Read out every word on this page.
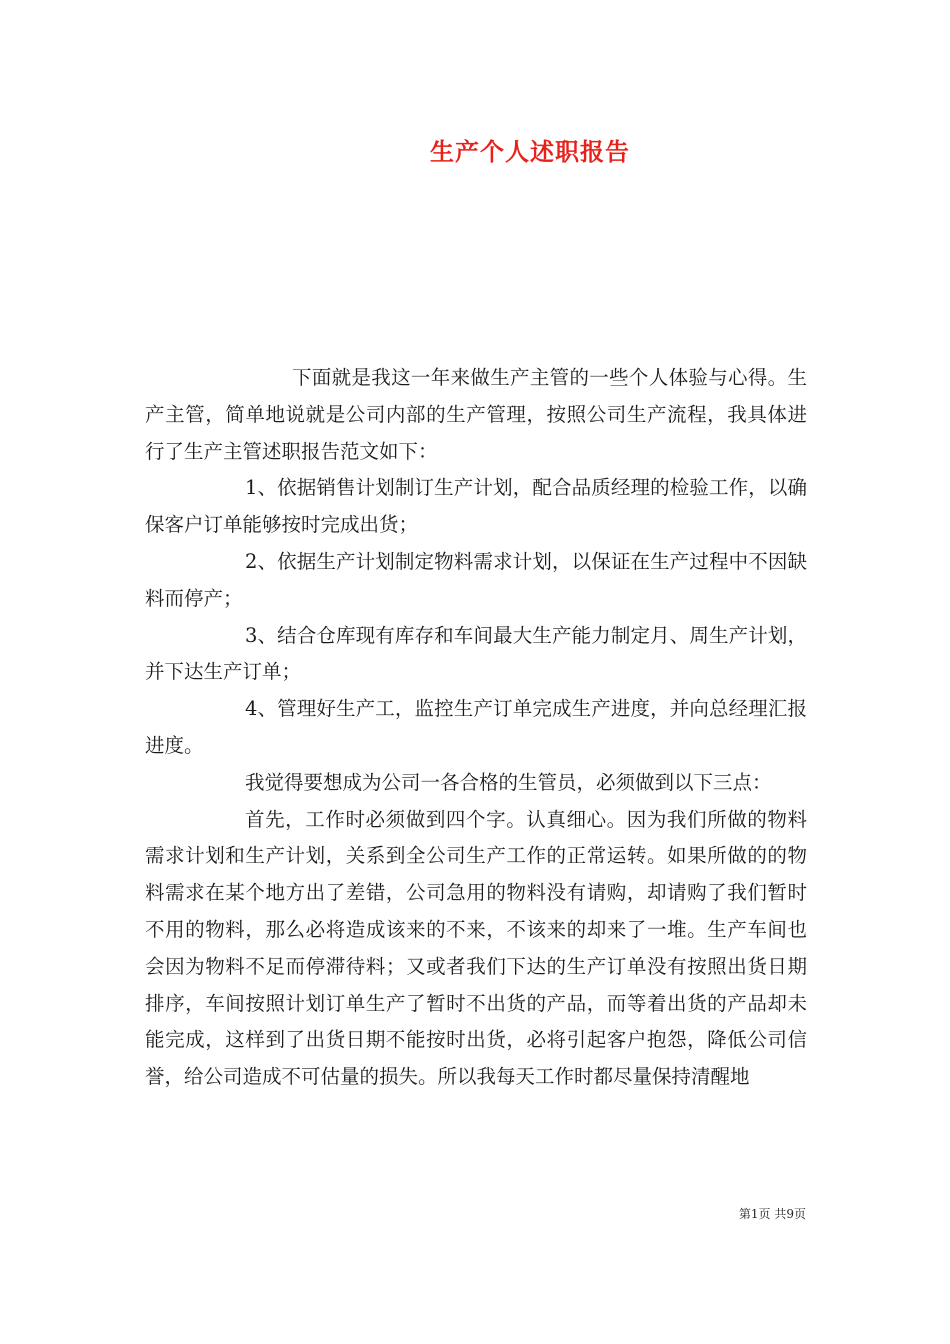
生产个人述职报告

下面就是我这一年来做生产主管的一些个人体验与心得。生产主管，简单地说就是公司内部的生产管理，按照公司生产流程，我具体进行了生产主管述职报告范文如下：

1、依据销售计划制订生产计划，配合品质经理的检验工作，以确保客户订单能够按时完成出货；

2、依据生产计划制定物料需求计划，以保证在生产过程中不因缺料而停产；

3、结合仓库现有库存和车间最大生产能力制定月、周生产计划，并下达生产订单；

4、管理好生产工，监控生产订单完成生产进度，并向总经理汇报进度。

我觉得要想成为公司一各合格的生管员，必须做到以下三点：

首先，工作时必须做到四个字。认真细心。因为我们所做的物料需求计划和生产计划，关系到全公司生产工作的正常运转。如果所做的的物料需求在某个地方出了差错，公司急用的物料没有请购，却请购了我们暂时不用的物料，那么必将造成该来的不来，不该来的却来了一堆。生产车间也会因为物料不足而停滞待料；又或者我们下达的生产订单没有按照出货日期排序，车间按照计划订单生产了暂时不出货的产品，而等着出货的产品却未能完成，这样到了出货日期不能按时出货，必将引起客户抱怨，降低公司信誉，给公司造成不可估量的损失。所以我每天工作时都尽量保持清醒地

第1页 共9页
